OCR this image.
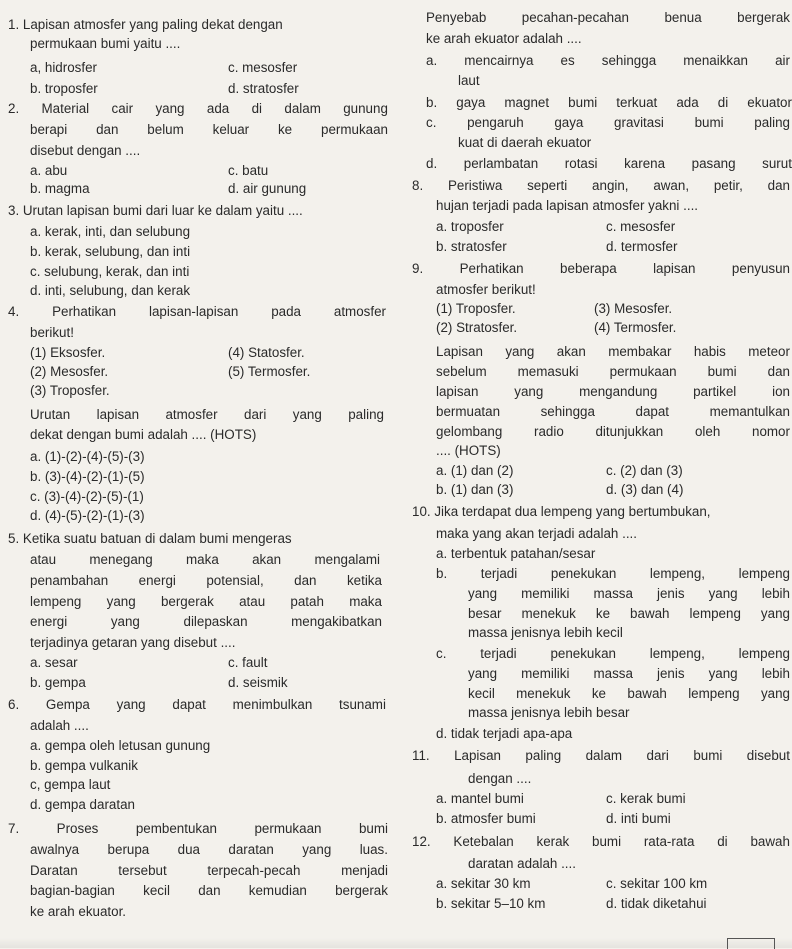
1. Lapisan atmosfer yang paling dekat dengan
permukaan bumi yaitu ....
a, hidrosfer	c. mesosfer
b. troposfer	d. stratosfer
2. Material cair yang ada di dalam gunung
berapi dan belum keluar ke permukaan
disebut dengan ....
a. abu	c. batu
b. magma	d. air gunung
3. Urutan lapisan bumi dari luar ke dalam yaitu ....
a. kerak, inti, dan selubung
b. kerak, selubung, dan inti
c. selubung, kerak, dan inti
d. inti, selubung, dan kerak
4. Perhatikan lapisan-lapisan pada atmosfer
berikut!
(1) Eksosfer.	(4) Statosfer.
(2) Mesosfer.	(5) Termosfer.
(3) Troposfer.
Urutan lapisan atmosfer dari yang paling
dekat dengan bumi adalah .... (HOTS)
a. (1)-(2)-(4)-(5)-(3)
b. (3)-(4)-(2)-(1)-(5)
c. (3)-(4)-(2)-(5)-(1)
d. (4)-(5)-(2)-(1)-(3)
5. Ketika suatu batuan di dalam bumi mengeras
atau menegang maka akan mengalami
penambahan energi potensial, dan ketika
lempeng yang bergerak atau patah maka
energi	yang	dilepaskan	mengakibatkan
terjadinya getaran yang disebut ....
a. sesar	c. fault
b. gempa	d. seismik
6. Gempa yang dapat menimbulkan tsunami
adalah ....
a. gempa oleh letusan gunung
b. gempa vulkanik
c, gempa laut
d. gempa daratan
7.	Proses	pembentukan	permukaan	bumi
awalnya berupa dua daratan yang luas.
Daratan	tersebut	terpecah-pecah	menjadi
bagian-bagian kecil dan kemudian bergerak
ke arah ekuator.
Penyebab	pecahan-pecahan	benua	bergerak
ke arah ekuator adalah ....
a. mencairnya es sehingga menaikkan air
laut
b. gaya magnet bumi terkuat ada di ekuator
c. pengaruh gaya gravitasi bumi paling
kuat di daerah ekuator
d. perlambatan rotasi karena pasang surut
8. Peristiwa seperti angin, awan, petir, dan
hujan terjadi pada lapisan atmosfer yakni ....
a. troposfer	c. mesosfer
b. stratosfer	d. termosfer
9.	Perhatikan	beberapa	lapisan	penyusun
atmosfer berikut!
(1) Troposfer.	(3) Mesosfer.
(2) Stratosfer.	(4) Termosfer.
Lapisan yang akan membakar habis meteor
sebelum memasuki permukaan bumi dan
lapisan	yang	mengandung	partikel	ion
bermuatan	sehingga	dapat	memantulkan
gelombang radio ditunjukkan oleh nomor
.... (HOTS)
a. (1) dan (2)	c. (2) dan (3)
b. (1) dan (3)	d. (3) dan (4)
10. Jika terdapat dua lempeng yang bertumbukan,
maka yang akan terjadi adalah ....
a. terbentuk patahan/sesar
b.	terjadi	penekukan	lempeng,	lempeng
yang memiliki massa jenis yang lebih
besar menekuk ke bawah lempeng yang
massa jenisnya lebih kecil
c.	terjadi	penekukan	lempeng,	lempeng
yang memiliki massa jenis yang lebih
kecil menekuk ke bawah lempeng yang
massa jenisnya lebih besar
d. tidak terjadi apa-apa
11. Lapisan paling dalam dari bumi disebut
dengan ....
a. mantel bumi	c. kerak bumi
b. atmosfer bumi	d. inti bumi
12. Ketebalan kerak bumi rata-rata di bawah
daratan adalah ....
a. sekitar 30 km	c. sekitar 100 km
b. sekitar 5–10 km	d. tidak diketahui
